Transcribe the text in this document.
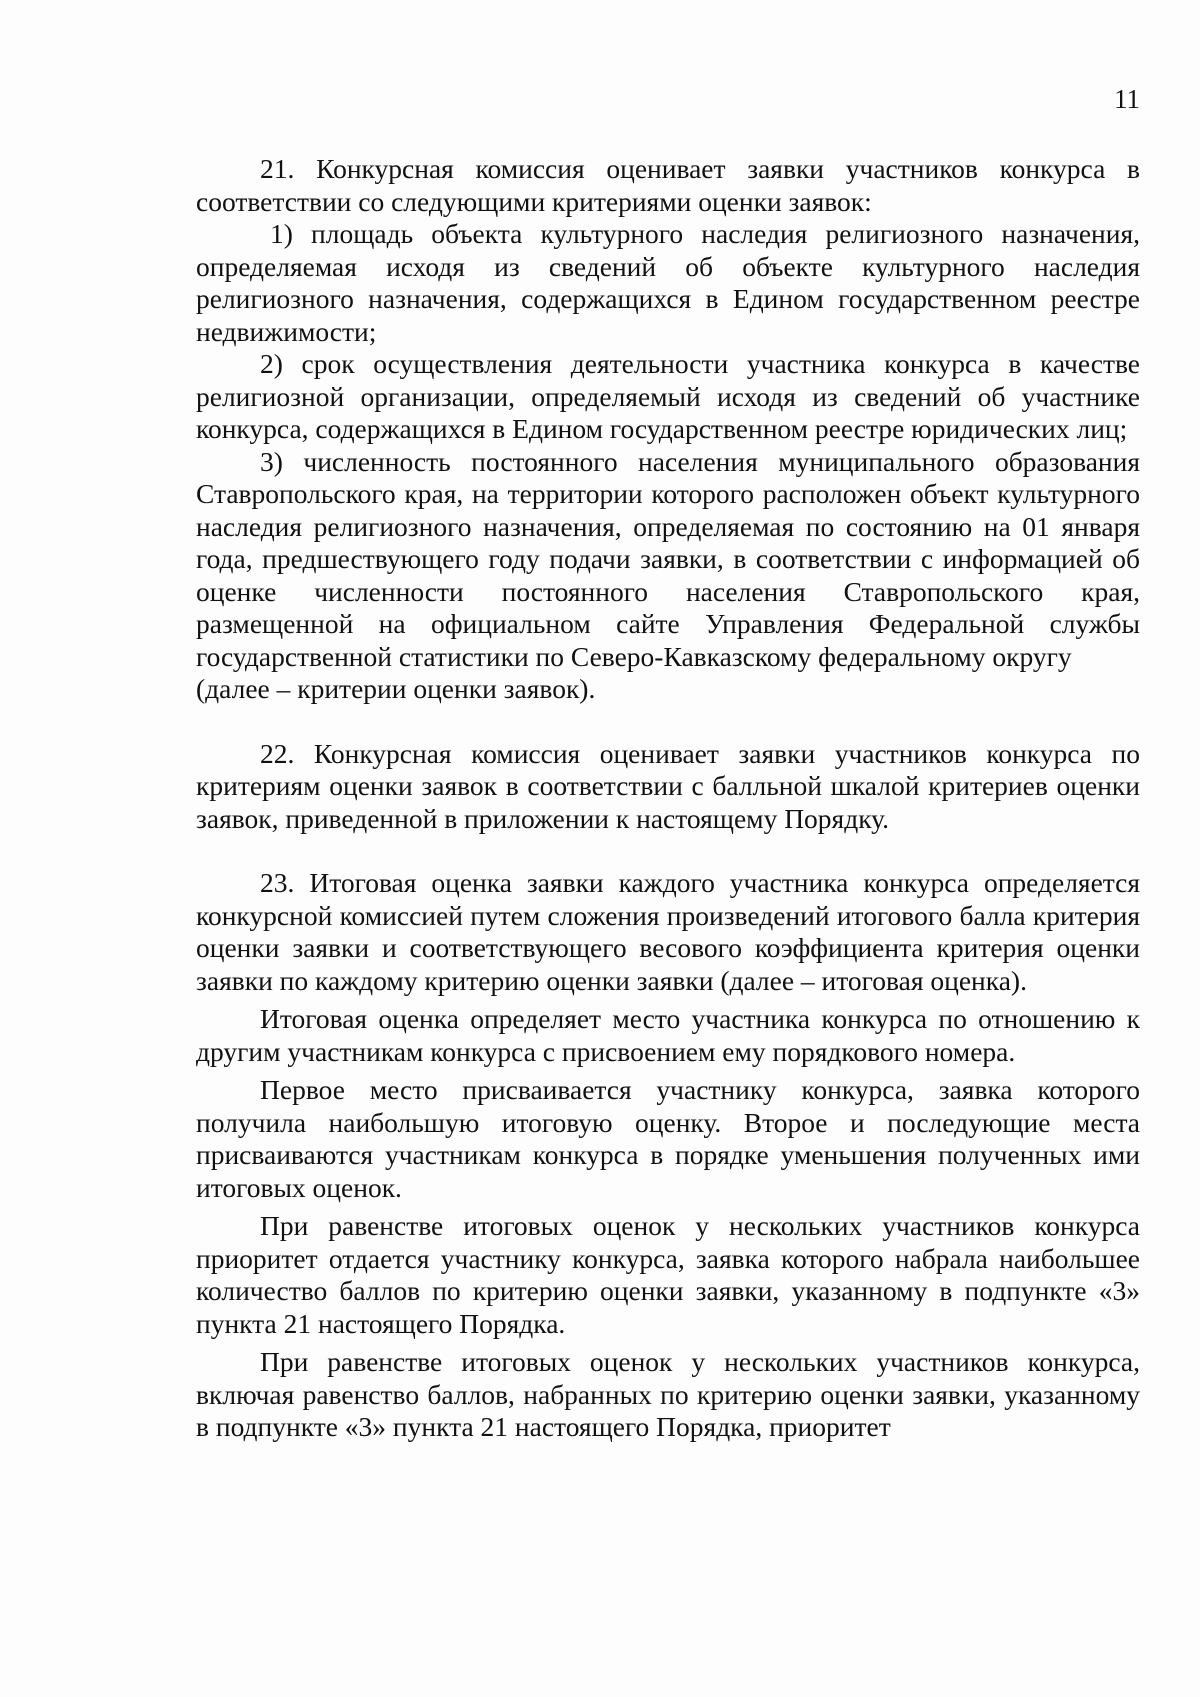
11

21. Конкурсная комиссия оценивает заявки участников конкурса в соответствии со следующими критериями оценки заявок:

1) площадь объекта культурного наследия религиозного назначения, определяемая исходя из сведений об объекте культурного наследия религиозного назначения, содержащихся в Едином государственном реестре недвижимости;

2) срок осуществления деятельности участника конкурса в качестве религиозной организации, определяемый исходя из сведений об участнике конкурса, содержащихся в Едином государственном реестре юридических лиц;

3) численность постоянного населения муниципального образования Ставропольского края, на территории которого расположен объект культурного наследия религиозного назначения, определяемая по состоянию на 01 января года, предшествующего году подачи заявки, в соответствии с информацией об оценке численности постоянного населения Ставропольского края, размещенной на официальном сайте Управления Федеральной службы государственной статистики по Северо-Кавказскому федеральному округу

(далее – критерии оценки заявок).

22. Конкурсная комиссия оценивает заявки участников конкурса по критериям оценки заявок в соответствии с балльной шкалой критериев оценки заявок, приведенной в приложении к настоящему Порядку.

23. Итоговая оценка заявки каждого участника конкурса определяется конкурсной комиссией путем сложения произведений итогового балла критерия оценки заявки и соответствующего весового коэффициента критерия оценки заявки по каждому критерию оценки заявки (далее – итоговая оценка).

Итоговая оценка определяет место участника конкурса по отношению к другим участникам конкурса с присвоением ему порядкового номера.

Первое место присваивается участнику конкурса, заявка которого получила наибольшую итоговую оценку. Второе и последующие места присваиваются участникам конкурса в порядке уменьшения полученных ими итоговых оценок.

При равенстве итоговых оценок у нескольких участников конкурса приоритет отдается участнику конкурса, заявка которого набрала наибольшее количество баллов по критерию оценки заявки, указанному в подпункте «3» пункта 21 настоящего Порядка.

При равенстве итоговых оценок у нескольких участников конкурса, включая равенство баллов, набранных по критерию оценки заявки, указанному в подпункте «3» пункта 21 настоящего Порядка, приоритет
